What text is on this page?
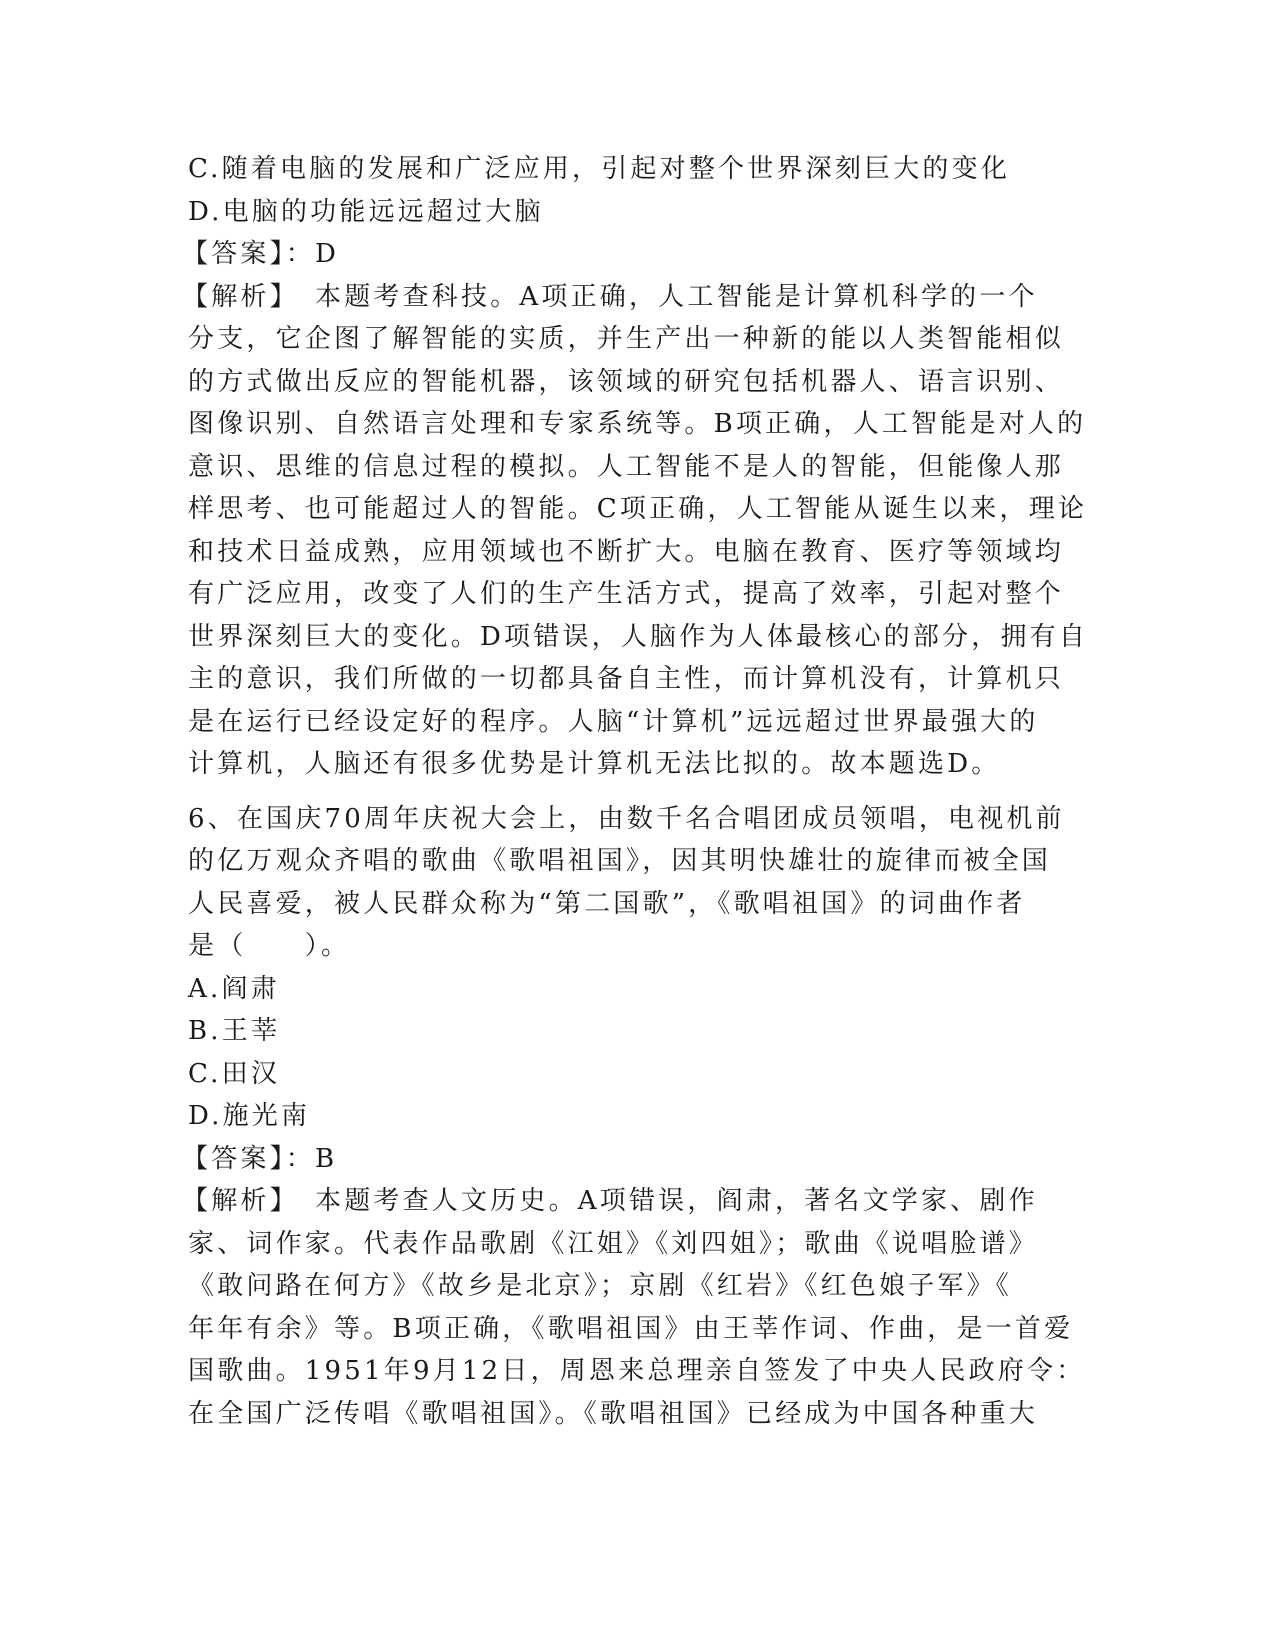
C.随着电脑的发展和广泛应用，引起对整个世界深刻巨大的变化
D.电脑的功能远远超过大脑
【答案】：D
【解析】　本题考查科技。A项正确，人工智能是计算机科学的一个
分支，它企图了解智能的实质，并生产出一种新的能以人类智能相似
的方式做出反应的智能机器，该领域的研究包括机器人、语言识别、
图像识别、自然语言处理和专家系统等。B项正确，人工智能是对人的
意识、思维的信息过程的模拟。人工智能不是人的智能，但能像人那
样思考、也可能超过人的智能。C项正确，人工智能从诞生以来，理论
和技术日益成熟，应用领域也不断扩大。电脑在教育、医疗等领域均
有广泛应用，改变了人们的生产生活方式，提高了效率，引起对整个
世界深刻巨大的变化。D项错误，人脑作为人体最核心的部分，拥有自
主的意识，我们所做的一切都具备自主性，而计算机没有，计算机只
是在运行已经设定好的程序。人脑“计算机”远远超过世界最强大的
计算机，人脑还有很多优势是计算机无法比拟的。故本题选D。
6、在国庆70周年庆祝大会上，由数千名合唱团成员领唱，电视机前
的亿万观众齐唱的歌曲《歌唱祖国》，因其明快雄壮的旋律而被全国
人民喜爱，被人民群众称为“第二国歌”，《歌唱祖国》的词曲作者
是（　　）。
A.阎肃
B.王莘
C.田汉
D.施光南
【答案】：B
【解析】　本题考查人文历史。A项错误，阎肃，著名文学家、剧作
家、词作家。代表作品歌剧《江姐》《刘四姐》；歌曲《说唱脸谱》
《敢问路在何方》《故乡是北京》；京剧《红岩》《红色娘子军》《
年年有余》等。B项正确，《歌唱祖国》由王莘作词、作曲，是一首爱
国歌曲。1951年9月12日，周恩来总理亲自签发了中央人民政府令：
在全国广泛传唱《歌唱祖国》。《歌唱祖国》已经成为中国各种重大
